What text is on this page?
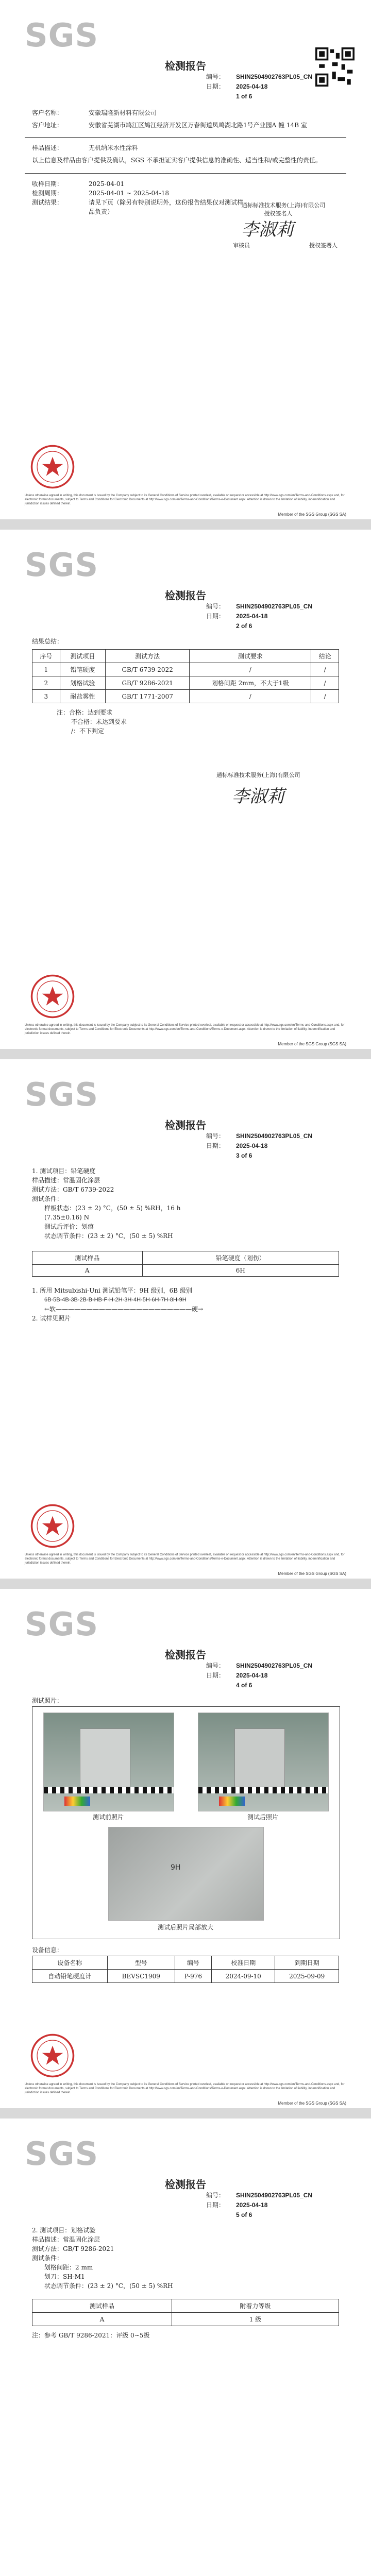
SGS
检测报告
编号： SHIN2504902763PL05_CN
日期： 2025-04-18
1 of 6
客户名称：	安徽瑞隆新材料有限公司
客户地址：	安徽省芜湖市鸠江区鸠江经济开发区万春街道凤鸣湖北路1号产业园A 幢 14B 室
样品描述：	无机纳米水性涂料
以上信息及样品由客户提供及确认，SGS 不承担证实客户提供信息的准确性、适当性和/或完整性的责任。
收样日期：	2025-04-01
检测周期：	2025-04-01 ~ 2025-04-18
测试结果：	请见下页（除另有特别说明外，这份报告结果仅对测试样品负责）
通标标准技术服务(上海)有限公司
授权签名人
李淑莉
审核员	授权签署人
Unless otherwise agreed in writing, this document is issued by the Company subject to its General Conditions of Service printed overleaf, available on request or accessible at http://www.sgs.com/en/Terms-and-Conditions.aspx and, for electronic format documents, subject to Terms and Conditions for Electronic Documents at http://www.sgs.com/en/Terms-and-Conditions/Terms-e-Document.aspx. Attention is drawn to the limitation of liability, indemnification and jurisdiction issues defined therein.
Member of the SGS Group (SGS SA)
SGS
检测报告
编号： SHIN2504902763PL05_CN
日期： 2025-04-18
2 of 6
结果总结：
序号	测试项目	测试方法	测试要求	结论
1	铅笔硬度	GB/T 6739-2022	/	/
2	划格试验	GB/T 9286-2021	划格间距 2mm，不大于1级	/
3	耐盐雾性	GB/T 1771-2007	/	/
注：合格：达到要求
不合格：未达到要求
/：不下判定
通标标准技术服务(上海)有限公司
李淑莉
Unless otherwise agreed in writing, this document is issued by the Company subject to its General Conditions of Service printed overleaf, available on request or accessible at http://www.sgs.com/en/Terms-and-Conditions.aspx and, for electronic format documents, subject to Terms and Conditions for Electronic Documents at http://www.sgs.com/en/Terms-and-Conditions/Terms-e-Document.aspx. Attention is drawn to the limitation of liability, indemnification and jurisdiction issues defined therein.
Member of the SGS Group (SGS SA)
SGS
检测报告
编号： SHIN2504902763PL05_CN
日期： 2025-04-18
3 of 6
1. 测试项目：铅笔硬度
样品描述：常温固化涂层
测试方法：GB/T 6739-2022
测试条件：
样板状态：(23 ± 2) °C，(50 ± 5) %RH，16 h
(7.35±0.16) N
测试后评价：划痕
状态调节条件：(23 ± 2) °C，(50 ± 5) %RH
测试样品	铅笔硬度（划伤）
A	6H
1. 所用 Mitsubishi-Uni 测试铅笔平：9H 级别，6B 级别
6B-5B-4B-3B-2B-B-HB-F-H-2H-3H-4H-5H-6H-7H-8H-9H
←软——————————————————————硬→
2. 试样见照片
Unless otherwise agreed in writing, this document is issued by the Company subject to its General Conditions of Service printed overleaf, available on request or accessible at http://www.sgs.com/en/Terms-and-Conditions.aspx and, for electronic format documents, subject to Terms and Conditions for Electronic Documents at http://www.sgs.com/en/Terms-and-Conditions/Terms-e-Document.aspx. Attention is drawn to the limitation of liability, indemnification and jurisdiction issues defined therein.
Member of the SGS Group (SGS SA)
SGS
检测报告
编号： SHIN2504902763PL05_CN
日期： 2025-04-18
4 of 6
测试照片：
测试前照片	测试后照片
9H
测试后照片局部放大
设备信息：
设备名称	型号	编号	校准日期	到期日期
自动铅笔硬度计	BEVSC1909	P-976	2024-09-10	2025-09-09
Unless otherwise agreed in writing, this document is issued by the Company subject to its General Conditions of Service printed overleaf, available on request or accessible at http://www.sgs.com/en/Terms-and-Conditions.aspx and, for electronic format documents, subject to Terms and Conditions for Electronic Documents at http://www.sgs.com/en/Terms-and-Conditions/Terms-e-Document.aspx. Attention is drawn to the limitation of liability, indemnification and jurisdiction issues defined therein.
Member of the SGS Group (SGS SA)
SGS
检测报告
编号： SHIN2504902763PL05_CN
日期： 2025-04-18
5 of 6
2. 测试项目：划格试验
样品描述：常温固化涂层
测试方法：GB/T 9286-2021
测试条件：
划格间距：2 mm
划刀：SH-M1
状态调节条件：(23 ± 2) °C，(50 ± 5) %RH
测试样品	附着力等级
A	1 级
注：参考 GB/T 9286-2021：评级 0~5级
